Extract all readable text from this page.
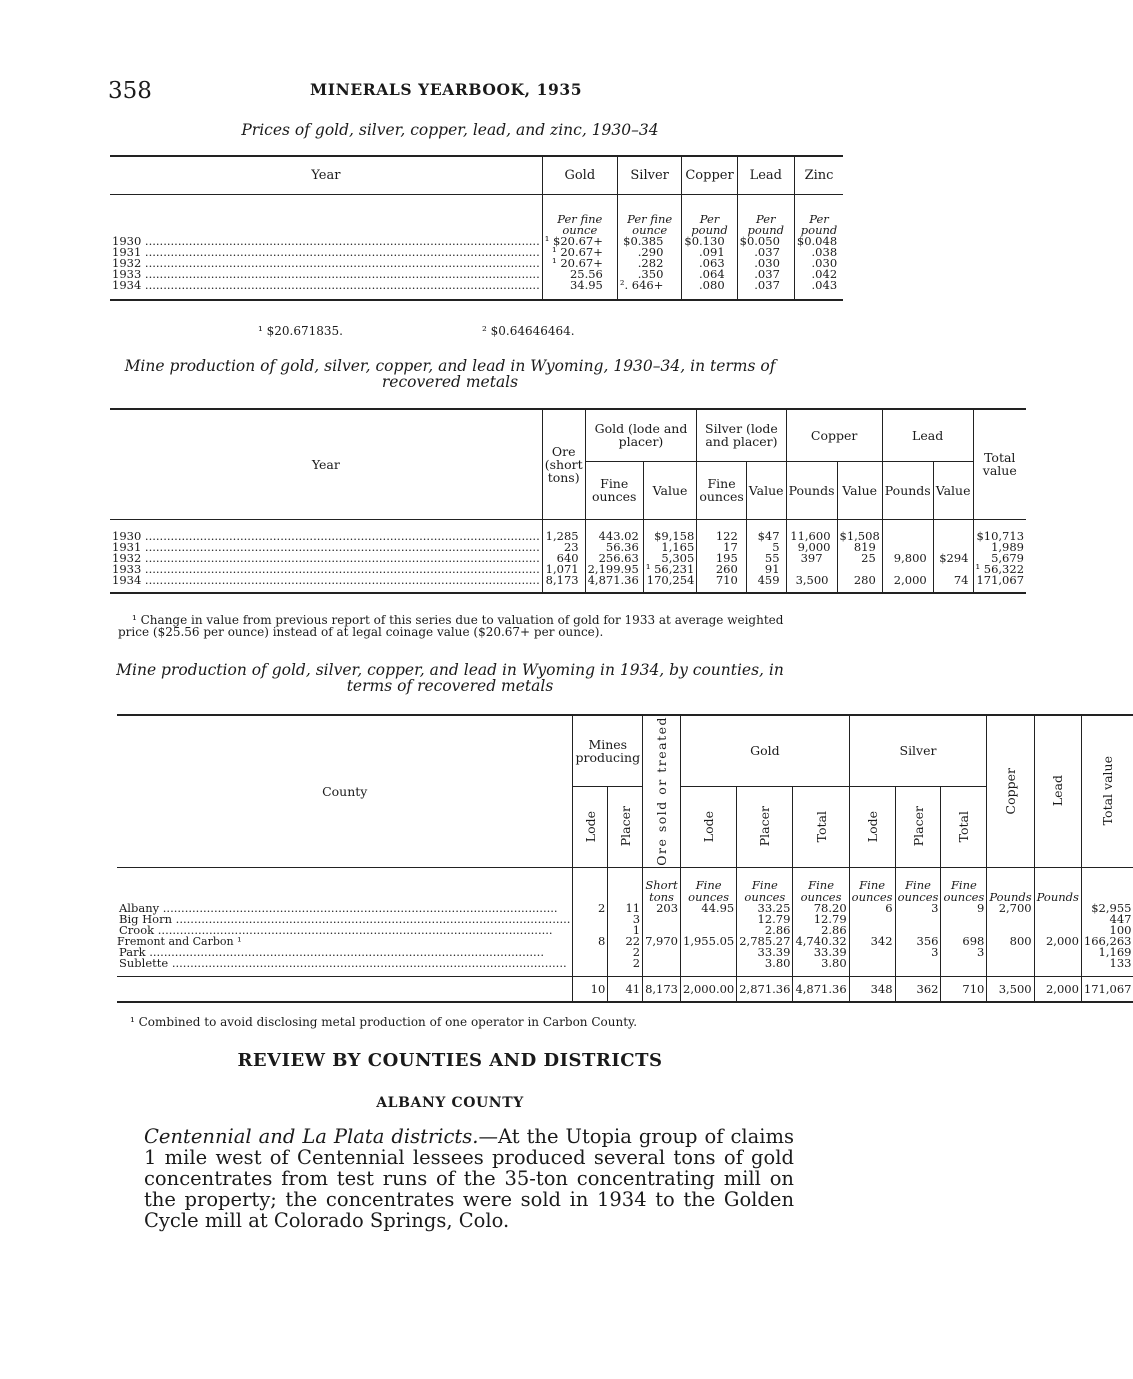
358	MINERALS YEARBOOK, 1935
Prices of gold, silver, copper, lead, and zinc, 1930–34
Year	Gold	Silver	Copper	Lead	Zinc
	Per fine ounce	Per fine ounce	Per pound	Per pound	Per pound
1930 .....	¹ $20.67+	$0.385	$0.130	$0.050	$0.048
1931 .....	¹ 20.67+	.290	.091	.037	.038
1932 .....	¹ 20.67+	.282	.063	.030	.030
1933 .....	25.56	.350	.064	.037	.042
1934 .....	34.95	². 646+	.080	.037	.043
¹ $20.671835.	² $0.64646464.
Mine production of gold, silver, copper, and lead in Wyoming, 1930–34, in terms of recovered metals
Year	Ore (short tons)	Gold (lode and placer)		Silver (lode and placer)		Copper		Lead		Total value
		Fine ounces	Value	Fine ounces	Value	Pounds	Value	Pounds	Value	

1930 .....	1,285	443.02	$9,158	122	$47	11,600	$1,508			$10,713
1931 .....	23	56.36	1,165	17	5	9,000	819			1,989
1932 .....	640	256.63	5,305	195	55	397	25	9,800	$294	5,679
1933 .....	1,071	2,199.95	¹ 56,231	260	91					¹ 56,322
1934 .....	8,173	4,871.36	170,254	710	459	3,500	280	2,000	74	171,067
¹ Change in value from previous report of this series due to valuation of gold for 1933 at average weighted price ($25.56 per ounce) instead of at legal coinage value ($20.67+ per ounce).
Mine production of gold, silver, copper, and lead in Wyoming in 1934, by counties, in terms of recovered metals
County	Mines producing		Ore sold or treated	Gold			Silver			Copper	Lead	Total value
	Lode	Placer		Lode	Placer	Total	Lode	Placer	Total			
			Short tons	Fine ounces	Fine ounces	Fine ounces	Fine ounces	Fine ounces	Fine ounces	Pounds	Pounds	
Albany .....	2	11	203	44.95	33.25	78.20	6	3	9	2,700		$2,955
Big Horn .....		3			12.79	12.79						447
Crook .....		1			2.86	2.86						100
Fremont and Carbon ¹	8	22	7,970	1,955.05	2,785.27	4,740.32	342	356	698	800	2,000	166,263
Park .....		2			33.39	33.39		3	3			1,169
Sublette .....		2			3.80	3.80						133
	10	41	8,173	2,000.00	2,871.36	4,871.36	348	362	710	3,500	2,000	171,067
¹ Combined to avoid disclosing metal production of one operator in Carbon County.
REVIEW BY COUNTIES AND DISTRICTS
ALBANY COUNTY
Centennial and La Plata districts.—At the Utopia group of claims 1 mile west of Centennial lessees produced several tons of gold concentrates from test runs of the 35-ton concentrating mill on the property; the concentrates were sold in 1934 to the Golden Cycle mill at Colorado Springs, Colo.
